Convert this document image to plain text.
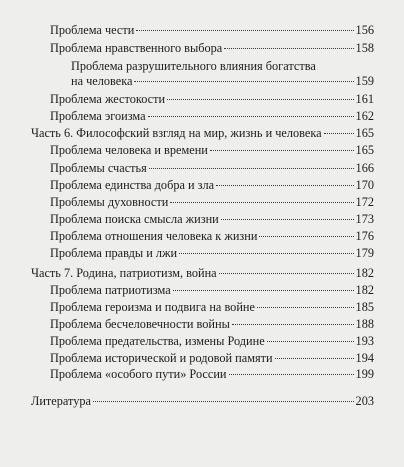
Проблема чести	156
Проблема нравственного выбора	158
Проблема разрушительного влияния богатства
на человека	159
Проблема жестокости	161
Проблема эгоизма	162
Часть 6. Философский взгляд на мир, жизнь и человека	165
Проблема человека и времени	165
Проблемы счастья	166
Проблема единства добра и зла	170
Проблемы духовности	172
Проблема поиска смысла жизни	173
Проблема отношения человека к жизни	176
Проблема правды и лжи	179
Часть 7. Родина, патриотизм, война	182
Проблема патриотизма	182
Проблема героизма и подвига на войне	185
Проблема бесчеловечности войны	188
Проблема предательства, измены Родине	193
Проблема исторической и родовой памяти	194
Проблема «особого пути» России	199
Литература	203
